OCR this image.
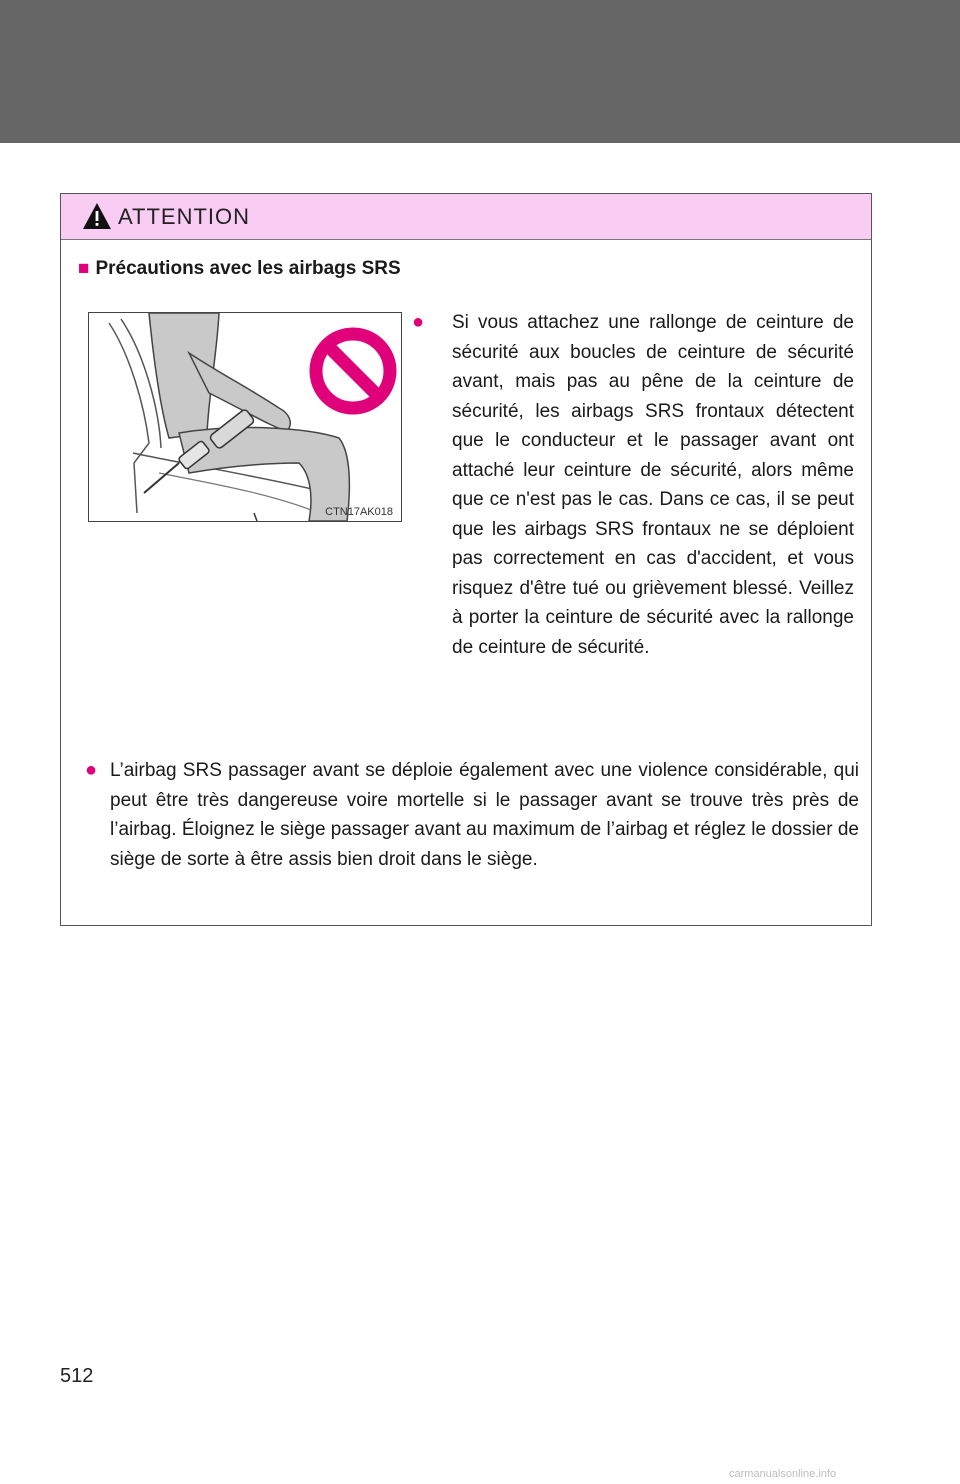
ATTENTION
■ Précautions avec les airbags SRS
CTN17AK018
● Si vous attachez une rallonge de ceinture de sécurité aux boucles de ceinture de sécurité avant, mais pas au pêne de la ceinture de sécurité, les airbags SRS frontaux détectent que le conducteur et le passager avant ont attaché leur ceinture de sécurité, alors même que ce n'est pas le cas. Dans ce cas, il se peut que les airbags SRS frontaux ne se déploient pas correctement en cas d'accident, et vous risquez d'être tué ou grièvement blessé. Veillez à porter la ceinture de sécurité avec la rallonge de ceinture de sécurité.
● L’airbag SRS passager avant se déploie également avec une violence considérable, qui peut être très dangereuse voire mortelle si le passager avant se trouve très près de l’airbag. Éloignez le siège passager avant au maximum de l’airbag et réglez le dossier de siège de sorte à être assis bien droit dans le siège.
512
carmanualsonline.info
